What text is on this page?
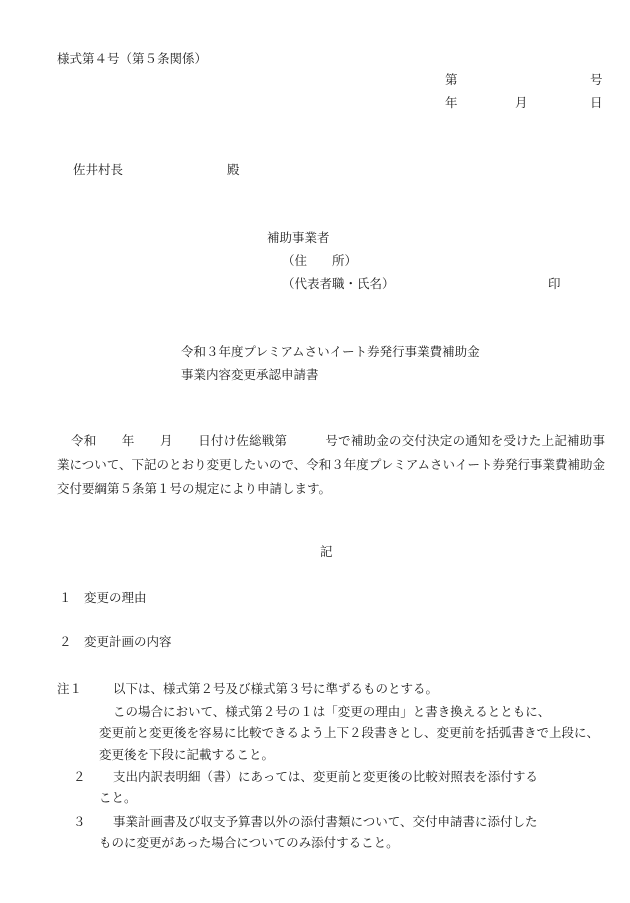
様式第４号（第５条関係）
第	号
年	月	日
佐井村長	殿
補助事業者
（住　　所）
（代表者職・氏名）	印
令和３年度プレミアムさいイート券発行事業費補助金
事業内容変更承認申請書
令和　　年　　月　　日付け佐総戦第　　　号で補助金の交付決定の通知を受けた上記補助事業について、下記のとおり変更したいので、令和３年度プレミアムさいイート券発行事業費補助金交付要綱第５条第１号の規定により申請します。
記
１ 変更の理由
２ 変更計画の内容
注１ 以下は、様式第２号及び様式第３号に準ずるものとする。
この場合において、様式第２号の１は「変更の理由」と書き換えるとともに、
変更前と変更後を容易に比較できるよう上下２段書きとし、変更前を括弧書きで上段に、変更後を下段に記載すること。
２ 支出内訳表明細（書）にあっては、変更前と変更後の比較対照表を添付する
こと。
３ 事業計画書及び収支予算書以外の添付書類について、交付申請書に添付した
ものに変更があった場合についてのみ添付すること。
